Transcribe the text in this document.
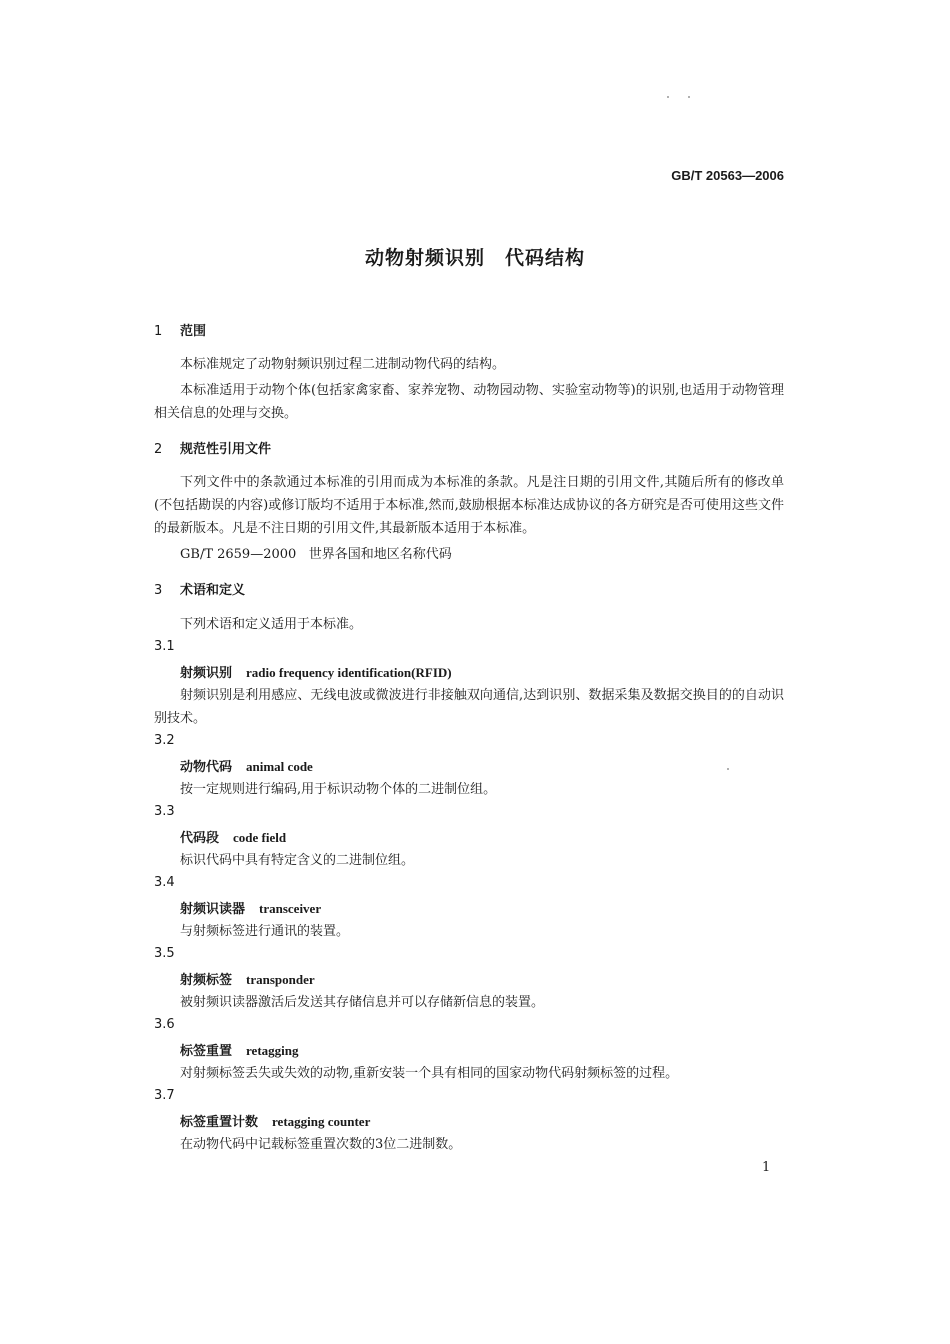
GB/T 20563—2006
动物射频识别　代码结构
1 范围
本标准规定了动物射频识别过程二进制动物代码的结构。
本标准适用于动物个体(包括家禽家畜、家养宠物、动物园动物、实验室动物等)的识别,也适用于动物管理相关信息的处理与交换。
2 规范性引用文件
下列文件中的条款通过本标准的引用而成为本标准的条款。凡是注日期的引用文件,其随后所有的修改单(不包括勘误的内容)或修订版均不适用于本标准,然而,鼓励根据本标准达成协议的各方研究是否可使用这些文件的最新版本。凡是不注日期的引用文件,其最新版本适用于本标准。
GB/T 2659—2000 世界各国和地区名称代码
3 术语和定义
下列术语和定义适用于本标准。
3.1
射频识别 radio frequency identification(RFID)
射频识别是利用感应、无线电波或微波进行非接触双向通信,达到识别、数据采集及数据交换目的的自动识别技术。
3.2
动物代码 animal code
按一定规则进行编码,用于标识动物个体的二进制位组。
3.3
代码段 code field
标识代码中具有特定含义的二进制位组。
3.4
射频识读器 transceiver
与射频标签进行通讯的装置。
3.5
射频标签 transponder
被射频识读器激活后发送其存储信息并可以存储新信息的装置。
3.6
标签重置 retagging
对射频标签丢失或失效的动物,重新安装一个具有相同的国家动物代码射频标签的过程。
3.7
标签重置计数 retagging counter
在动物代码中记载标签重置次数的3位二进制数。
1
